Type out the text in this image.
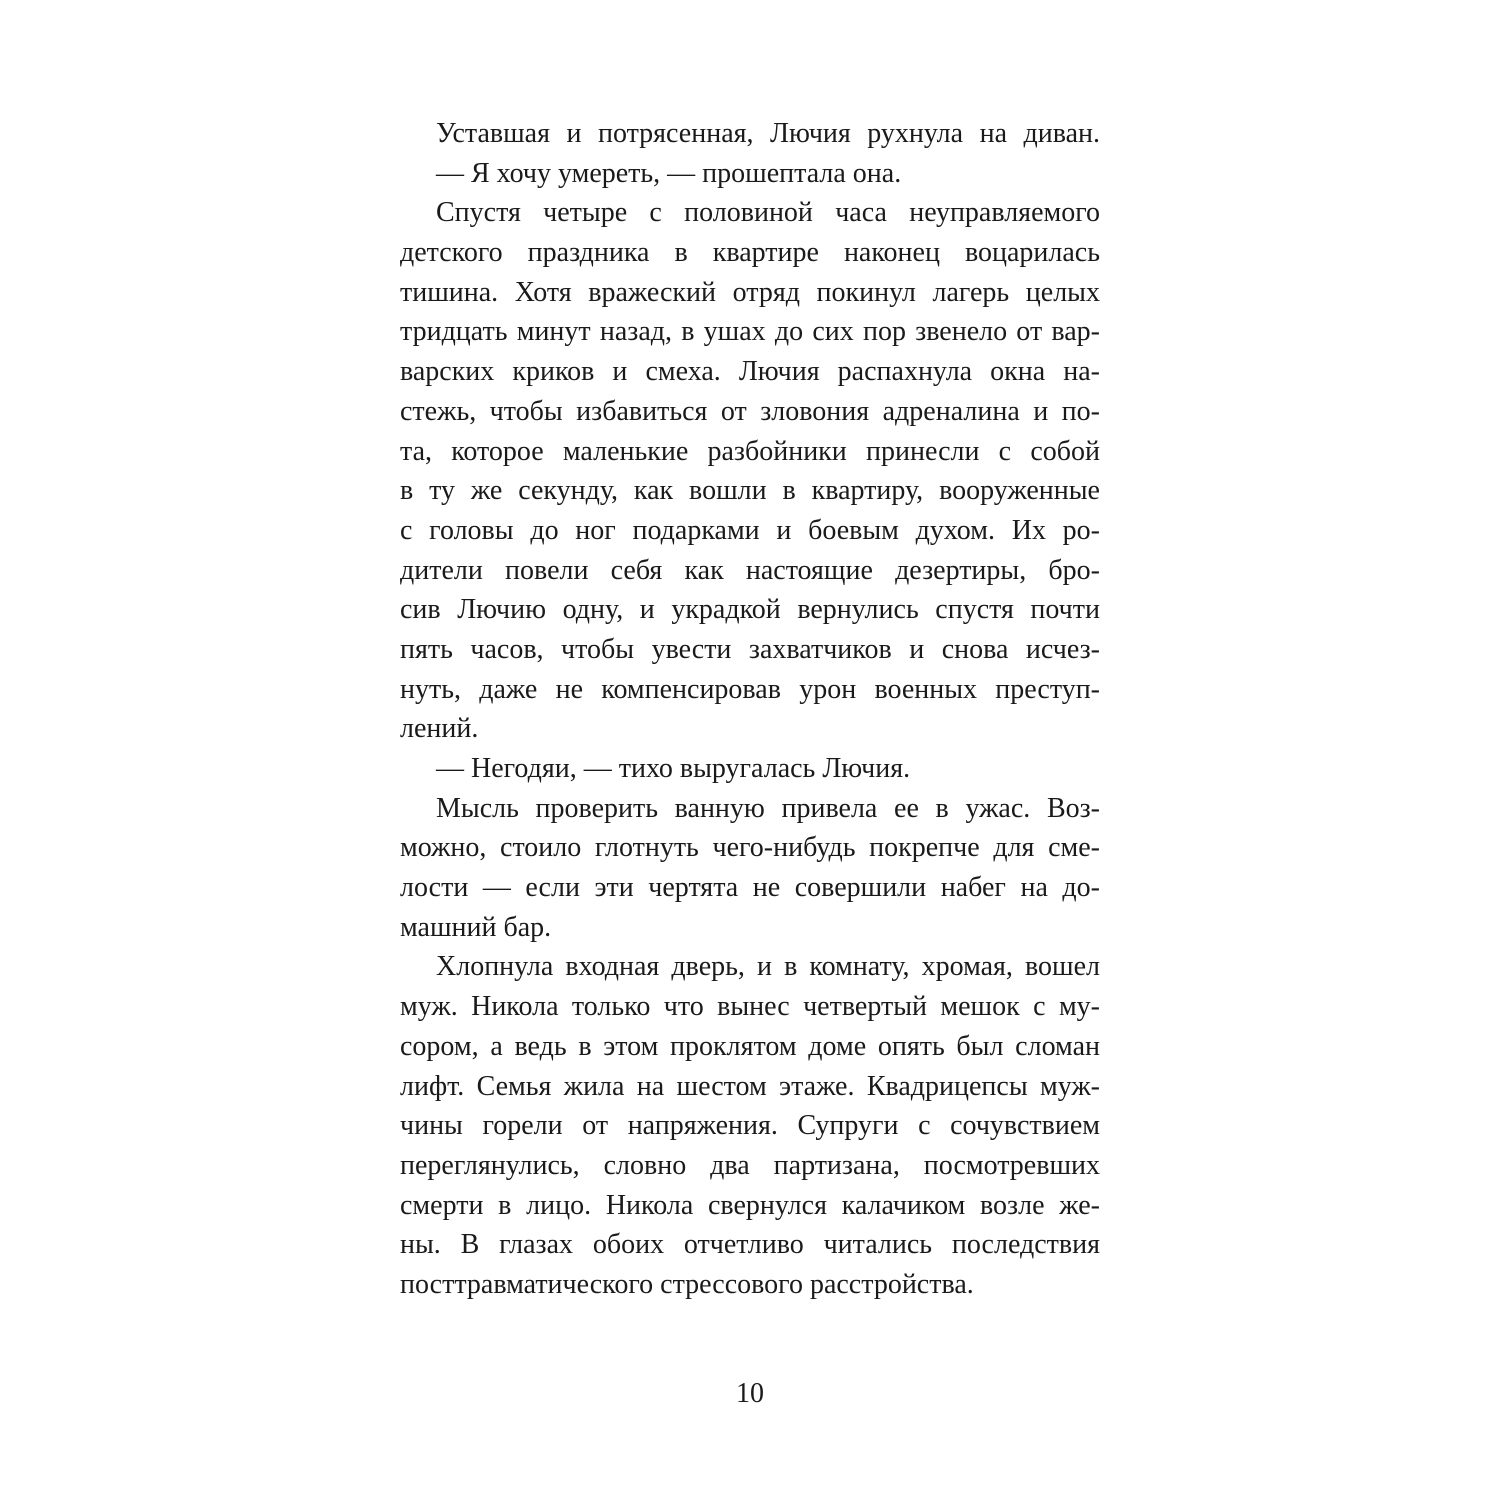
Уставшая и потрясенная, Лючия рухнула на диван.
— Я хочу умереть, — прошептала она.
Спустя четыре с половиной часа неуправляемого
детского праздника в квартире наконец воцарилась
тишина. Хотя вражеский отряд покинул лагерь целых
тридцать минут назад, в ушах до сих пор звенело от вар-
варских криков и смеха. Лючия распахнула окна на-
стежь, чтобы избавиться от зловония адреналина и по-
та, которое маленькие разбойники принесли с собой
в ту же секунду, как вошли в квартиру, вооруженные
с головы до ног подарками и боевым духом. Их ро-
дители повели себя как настоящие дезертиры, бро-
сив Лючию одну, и украдкой вернулись спустя почти
пять часов, чтобы увести захватчиков и снова исчез-
нуть, даже не компенсировав урон военных преступ-
лений.
— Негодяи, — тихо выругалась Лючия.
Мысль проверить ванную привела ее в ужас. Воз-
можно, стоило глотнуть чего-нибудь покрепче для сме-
лости — если эти чертята не совершили набег на до-
машний бар.
Хлопнула входная дверь, и в комнату, хромая, вошел
муж. Никола только что вынес четвертый мешок с му-
сором, а ведь в этом проклятом доме опять был сломан
лифт. Семья жила на шестом этаже. Квадрицепсы муж-
чины горели от напряжения. Супруги с сочувствием
переглянулись, словно два партизана, посмотревших
смерти в лицо. Никола свернулся калачиком возле же-
ны. В глазах обоих отчетливо читались последствия
посттравматического стрессового расстройства.
10
